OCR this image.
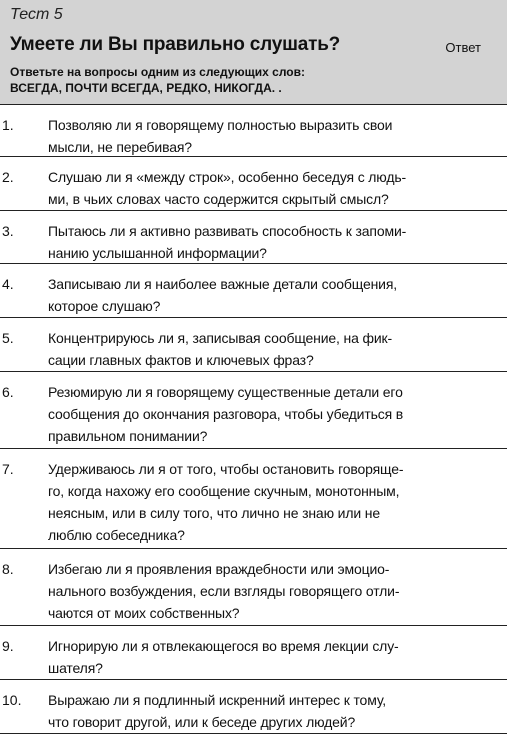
Тест 5
Умеете ли Вы правильно слушать?	Ответ
Ответьте на вопросы одним из следующих слов:
ВСЕГДА, ПОЧТИ ВСЕГДА, РЕДКО, НИКОГДА. .
1. Позволяю ли я говорящему полностью выразить свои
мысли, не перебивая?
2. Слушаю ли я «между строк», особенно беседуя с людь-
ми, в чьих словах часто содержится скрытый смысл?
3. Пытаюсь ли я активно развивать способность к запоми-
нанию услышанной информации?
4. Записываю ли я наиболее важные детали сообщения,
которое слушаю?
5. Концентрируюсь ли я, записывая сообщение, на фик-
сации главных фактов и ключевых фраз?
6. Резюмирую ли я говорящему существенные детали его
сообщения до окончания разговора, чтобы убедиться в
правильном понимании?
7. Удерживаюсь ли я от того, чтобы остановить говоряще-
го, когда нахожу его сообщение скучным, монотонным,
неясным, или в силу того, что лично не знаю или не
люблю собеседника?
8. Избегаю ли я проявления враждебности или эмоцио-
нального возбуждения, если взгляды говорящего отли-
чаются от моих собственных?
9. Игнорирую ли я отвлекающегося во время лекции слу-
шателя?
10. Выражаю ли я подлинный искренний интерес к тому,
что говорит другой, или к беседе других людей?
